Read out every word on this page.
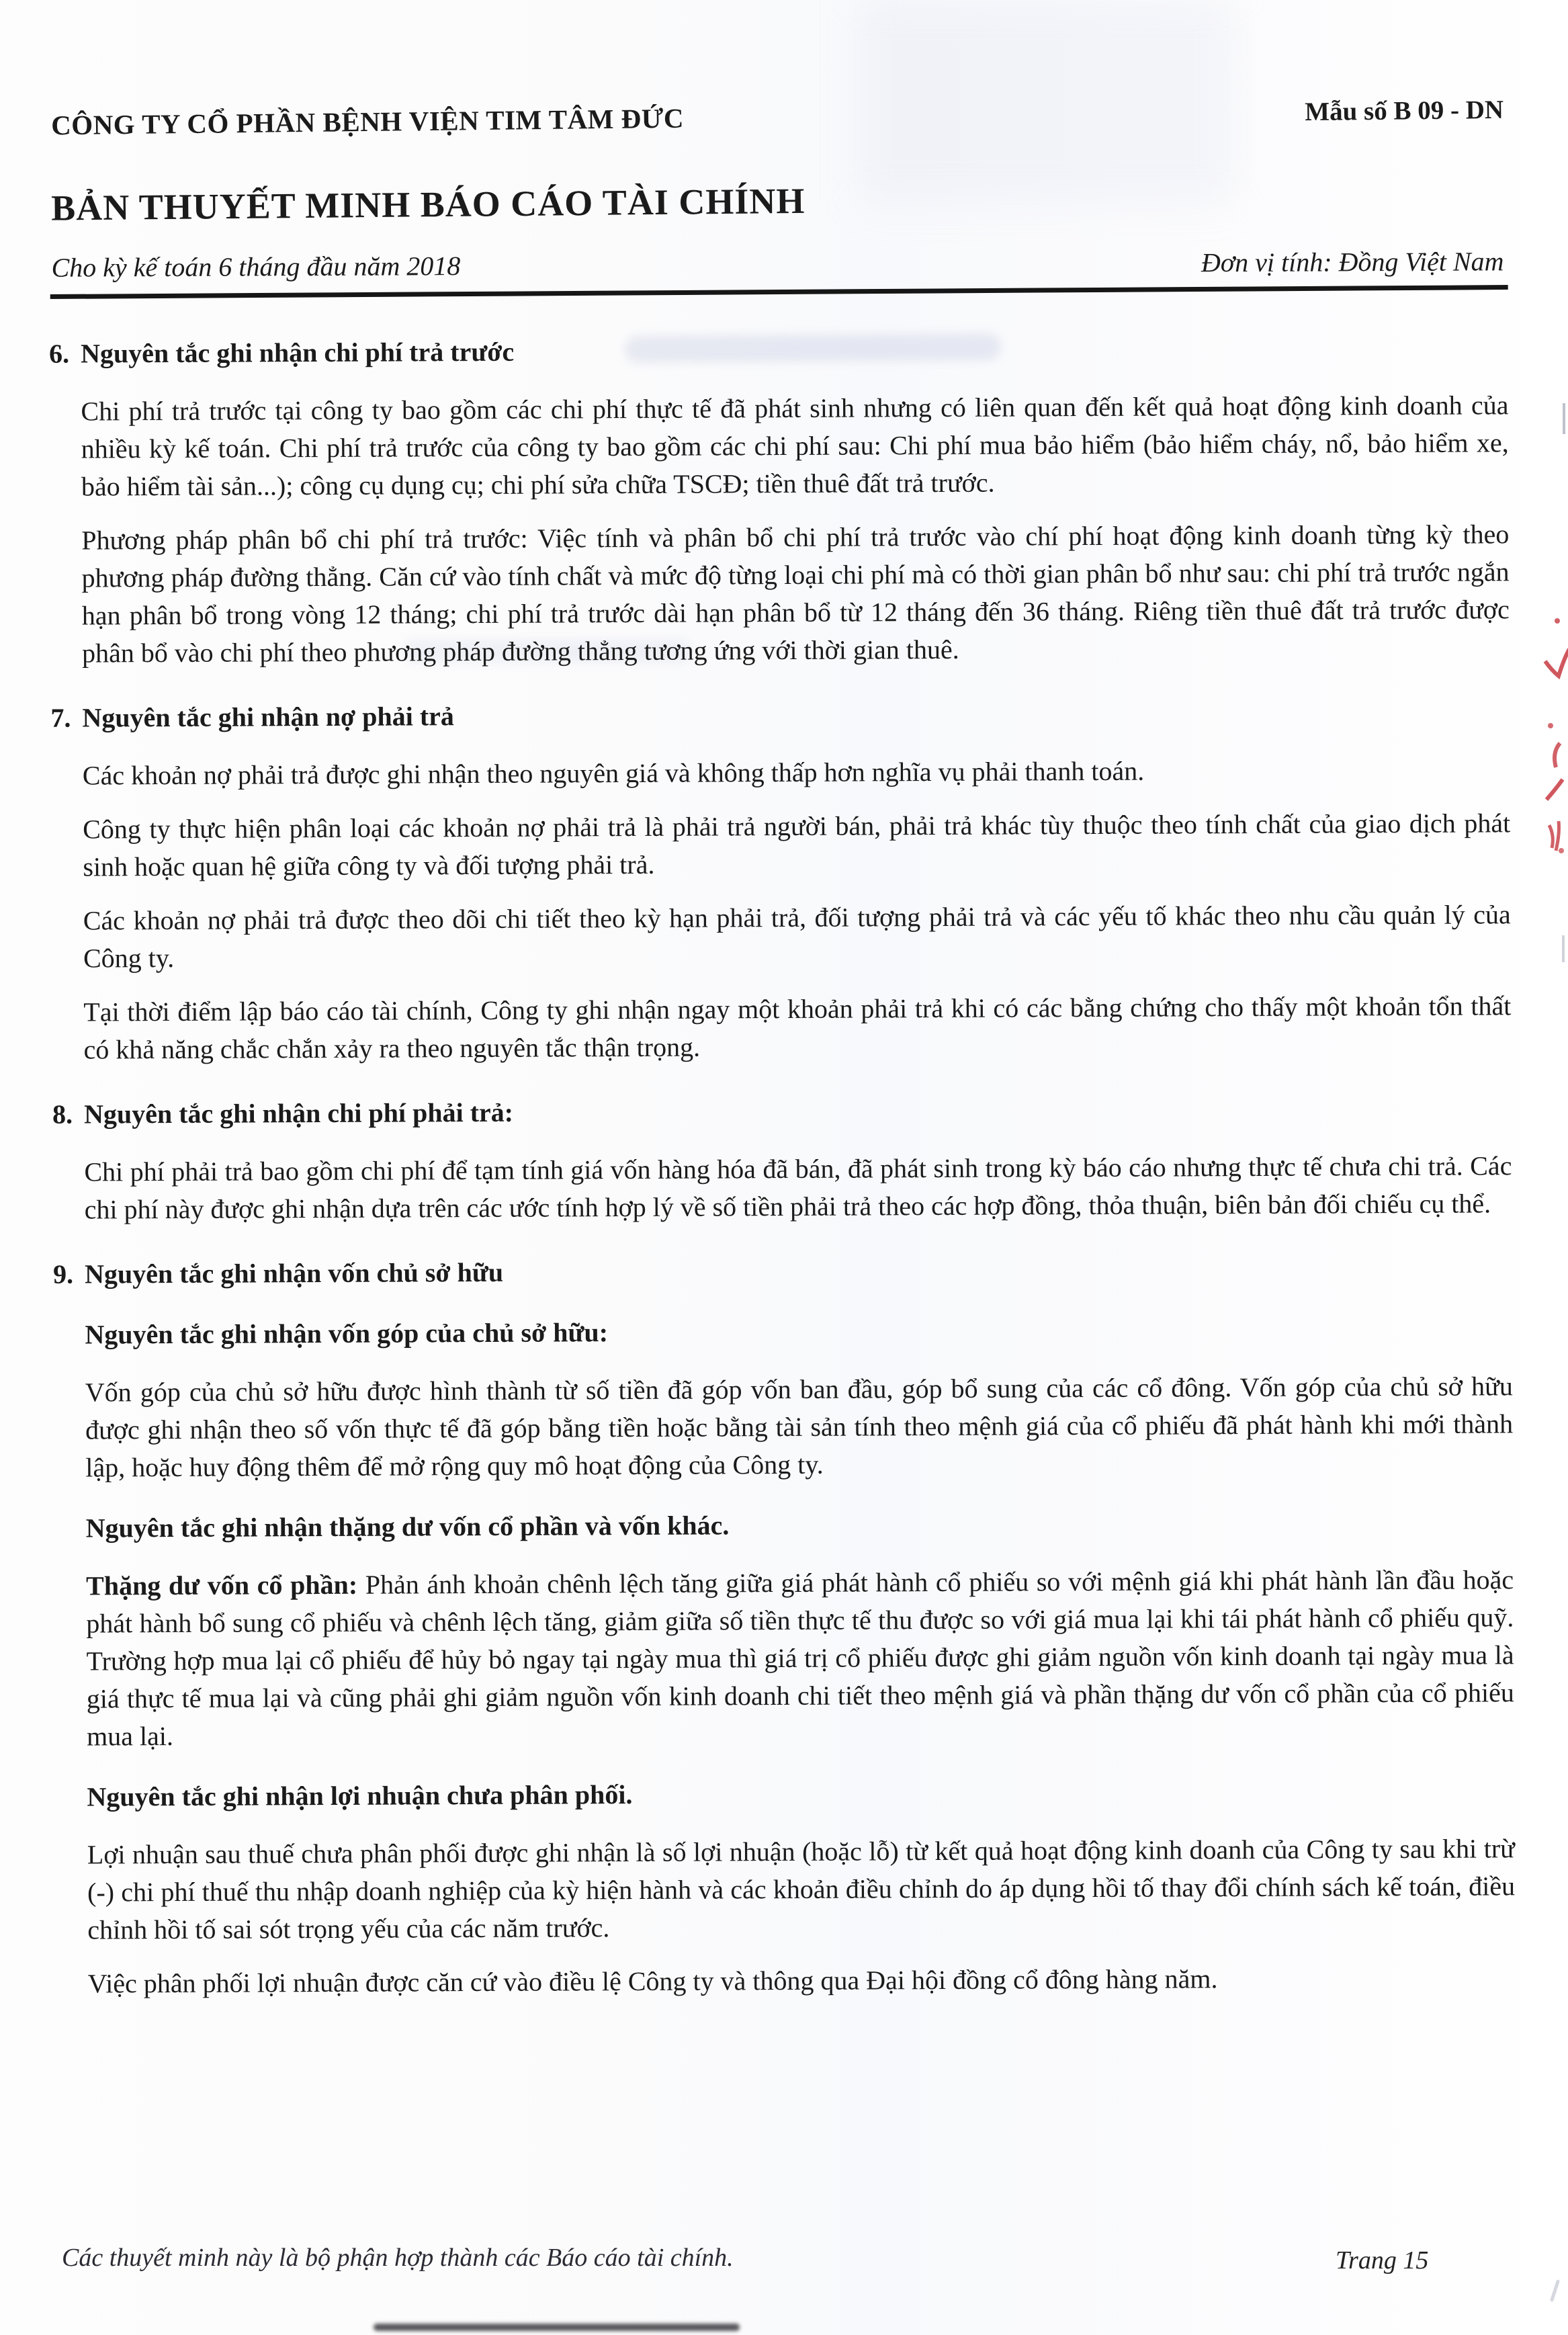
CÔNG TY CỔ PHẦN BỆNH VIỆN TIM TÂM ĐỨC	Mẫu số B 09 - DN
BẢN THUYẾT MINH BÁO CÁO TÀI CHÍNH
Cho kỳ kế toán 6 tháng đầu năm 2018	Đơn vị tính: Đồng Việt Nam
6. Nguyên tắc ghi nhận chi phí trả trước

Chi phí trả trước tại công ty bao gồm các chi phí thực tế đã phát sinh nhưng có liên quan đến kết quả hoạt động kinh doanh của nhiều kỳ kế toán. Chi phí trả trước của công ty bao gồm các chi phí sau: Chi phí mua bảo hiểm (bảo hiểm cháy, nổ, bảo hiểm xe, bảo hiểm tài sản...); công cụ dụng cụ; chi phí sửa chữa TSCĐ; tiền thuê đất trả trước.

Phương pháp phân bổ chi phí trả trước: Việc tính và phân bổ chi phí trả trước vào chí phí hoạt động kinh doanh từng kỳ theo phương pháp đường thẳng. Căn cứ vào tính chất và mức độ từng loại chi phí mà có thời gian phân bổ như sau: chi phí trả trước ngắn hạn phân bổ trong vòng 12 tháng; chi phí trả trước dài hạn phân bổ từ 12 tháng đến 36 tháng. Riêng tiền thuê đất trả trước được phân bổ vào chi phí theo phương pháp đường thẳng tương ứng với thời gian thuê.

7. Nguyên tắc ghi nhận nợ phải trả

Các khoản nợ phải trả được ghi nhận theo nguyên giá và không thấp hơn nghĩa vụ phải thanh toán.

Công ty thực hiện phân loại các khoản nợ phải trả là phải trả người bán, phải trả khác tùy thuộc theo tính chất của giao dịch phát sinh hoặc quan hệ giữa công ty và đối tượng phải trả.

Các khoản nợ phải trả được theo dõi chi tiết theo kỳ hạn phải trả, đối tượng phải trả và các yếu tố khác theo nhu cầu quản lý của Công ty.

Tại thời điểm lập báo cáo tài chính, Công ty ghi nhận ngay một khoản phải trả khi có các bằng chứng cho thấy một khoản tổn thất có khả năng chắc chắn xảy ra theo nguyên tắc thận trọng.

8. Nguyên tắc ghi nhận chi phí phải trả:

Chi phí phải trả bao gồm chi phí để tạm tính giá vốn hàng hóa đã bán, đã phát sinh trong kỳ báo cáo nhưng thực tế chưa chi trả. Các chi phí này được ghi nhận dựa trên các ước tính hợp lý về số tiền phải trả theo các hợp đồng, thỏa thuận, biên bản đối chiếu cụ thể.

9. Nguyên tắc ghi nhận vốn chủ sở hữu
Nguyên tắc ghi nhận vốn góp của chủ sở hữu:

Vốn góp của chủ sở hữu được hình thành từ số tiền đã góp vốn ban đầu, góp bổ sung của các cổ đông. Vốn góp của chủ sở hữu được ghi nhận theo số vốn thực tế đã góp bằng tiền hoặc bằng tài sản tính theo mệnh giá của cổ phiếu đã phát hành khi mới thành lập, hoặc huy động thêm để mở rộng quy mô hoạt động của Công ty.

Nguyên tắc ghi nhận thặng dư vốn cổ phần và vốn khác.

Thặng dư vốn cổ phần: Phản ánh khoản chênh lệch tăng giữa giá phát hành cổ phiếu so với mệnh giá khi phát hành lần đầu hoặc phát hành bổ sung cổ phiếu và chênh lệch tăng, giảm giữa số tiền thực tế thu được so với giá mua lại khi tái phát hành cổ phiếu quỹ. Trường hợp mua lại cổ phiếu để hủy bỏ ngay tại ngày mua thì giá trị cổ phiếu được ghi giảm nguồn vốn kinh doanh tại ngày mua là giá thực tế mua lại và cũng phải ghi giảm nguồn vốn kinh doanh chi tiết theo mệnh giá và phần thặng dư vốn cổ phần của cổ phiếu mua lại.

Nguyên tắc ghi nhận lợi nhuận chưa phân phối.

Lợi nhuận sau thuế chưa phân phối được ghi nhận là số lợi nhuận (hoặc lỗ) từ kết quả hoạt động kinh doanh của Công ty sau khi trừ (-) chi phí thuế thu nhập doanh nghiệp của kỳ hiện hành và các khoản điều chỉnh do áp dụng hồi tố thay đổi chính sách kế toán, điều chỉnh hồi tố sai sót trọng yếu của các năm trước.

Việc phân phối lợi nhuận được căn cứ vào điều lệ Công ty và thông qua Đại hội đồng cổ đông hàng năm.

Các thuyết minh này là bộ phận hợp thành các Báo cáo tài chính.	Trang 15
